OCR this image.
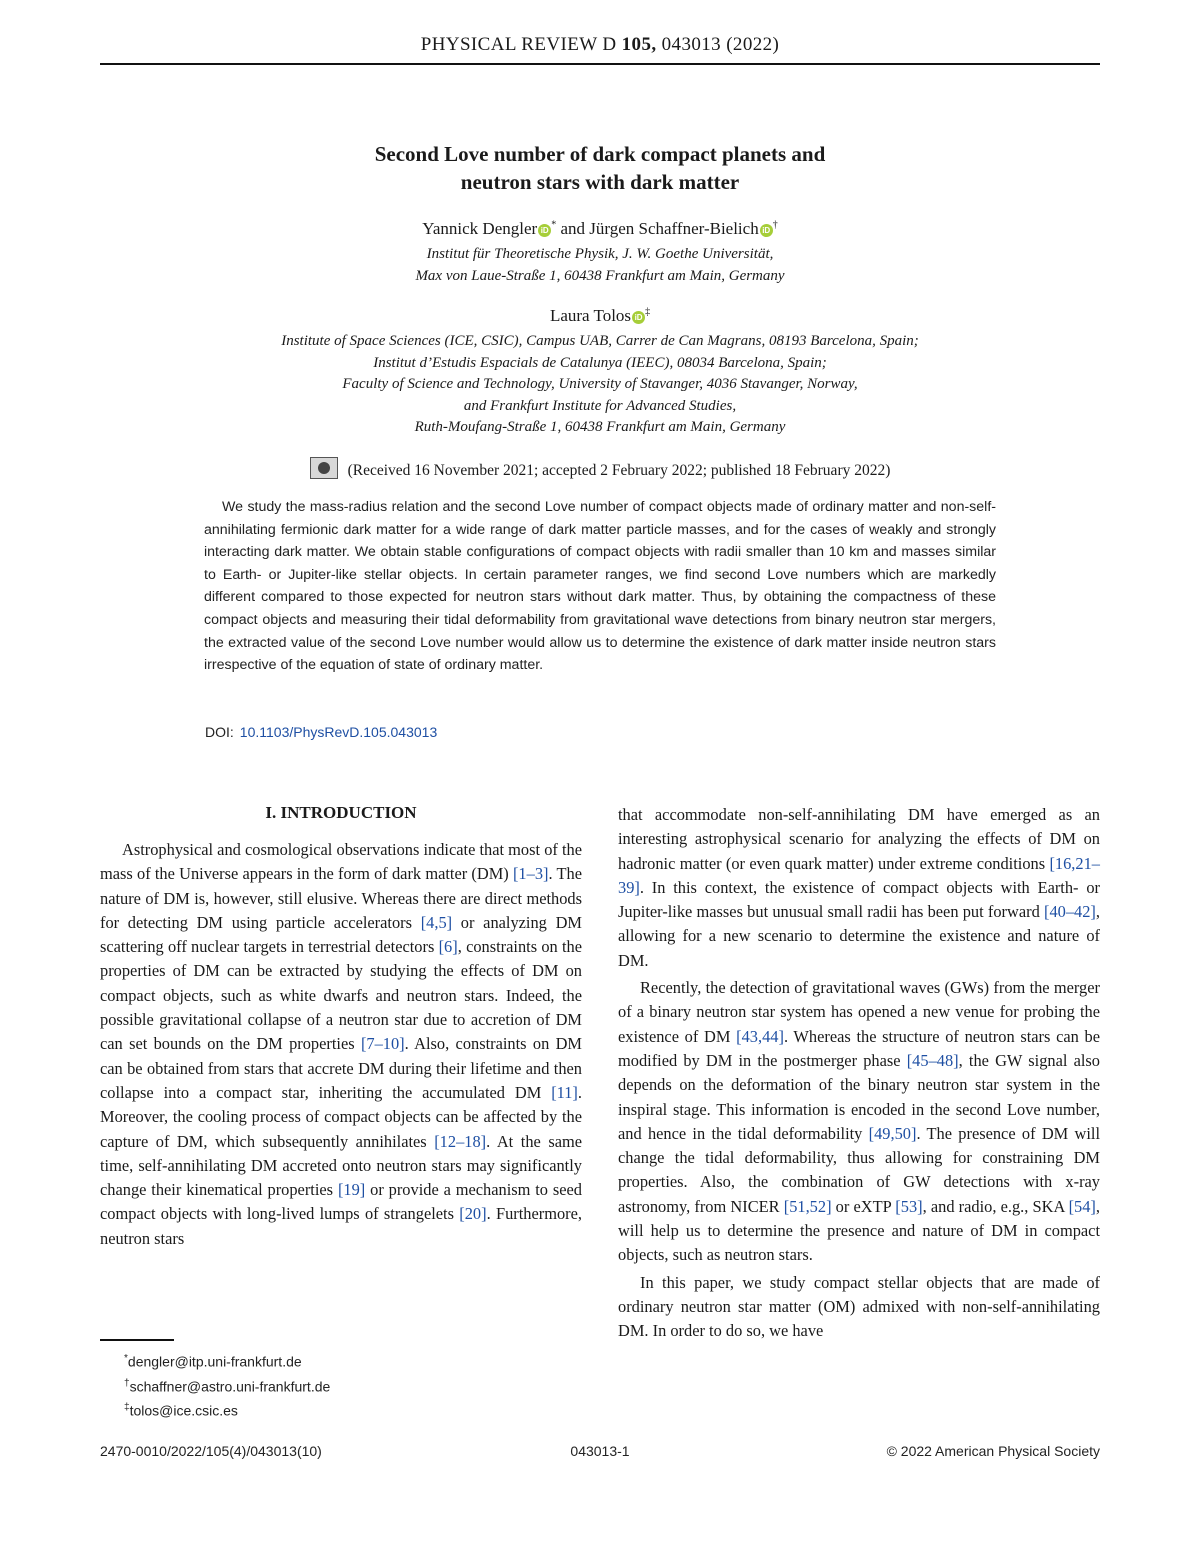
PHYSICAL REVIEW D 105, 043013 (2022)
Second Love number of dark compact planets and
neutron stars with dark matter
Yannick Dengler iD* and Jürgen Schaffner-Bielich iD†
Institut für Theoretische Physik, J. W. Goethe Universität,
Max von Laue-Straße 1, 60438 Frankfurt am Main, Germany
Laura Tolos iD‡
Institute of Space Sciences (ICE, CSIC), Campus UAB, Carrer de Can Magrans, 08193 Barcelona, Spain;
Institut d’Estudis Espacials de Catalunya (IEEC), 08034 Barcelona, Spain;
Faculty of Science and Technology, University of Stavanger, 4036 Stavanger, Norway,
and Frankfurt Institute for Advanced Studies,
Ruth-Moufang-Straße 1, 60438 Frankfurt am Main, Germany
(Received 16 November 2021; accepted 2 February 2022; published 18 February 2022)
We study the mass-radius relation and the second Love number of compact objects made of ordinary matter and non-self-annihilating fermionic dark matter for a wide range of dark matter particle masses, and for the cases of weakly and strongly interacting dark matter. We obtain stable configurations of compact objects with radii smaller than 10 km and masses similar to Earth- or Jupiter-like stellar objects. In certain parameter ranges, we find second Love numbers which are markedly different compared to those expected for neutron stars without dark matter. Thus, by obtaining the compactness of these compact objects and measuring their tidal deformability from gravitational wave detections from binary neutron star mergers, the extracted value of the second Love number would allow us to determine the existence of dark matter inside neutron stars irrespective of the equation of state of ordinary matter.
DOI: 10.1103/PhysRevD.105.043013
I. INTRODUCTION

Astrophysical and cosmological observations indicate that most of the mass of the Universe appears in the form of dark matter (DM) [1–3]. The nature of DM is, however, still elusive. Whereas there are direct methods for detecting DM using particle accelerators [4,5] or analyzing DM scattering off nuclear targets in terrestrial detectors [6], constraints on the properties of DM can be extracted by studying the effects of DM on compact objects, such as white dwarfs and neutron stars. Indeed, the possible gravitational collapse of a neutron star due to accretion of DM can set bounds on the DM properties [7–10]. Also, constraints on DM can be obtained from stars that accrete DM during their lifetime and then collapse into a compact star, inheriting the accumulated DM [11]. Moreover, the cooling process of compact objects can be affected by the capture of DM, which subsequently annihilates [12–18]. At the same time, self-annihilating DM accreted onto neutron stars may significantly change their kinematical properties [19] or provide a mechanism to seed compact objects with long-lived lumps of strangelets [20]. Furthermore, neutron stars

that accommodate non-self-annihilating DM have emerged as an interesting astrophysical scenario for analyzing the effects of DM on hadronic matter (or even quark matter) under extreme conditions [16,21–39]. In this context, the existence of compact objects with Earth- or Jupiter-like masses but unusual small radii has been put forward [40–42], allowing for a new scenario to determine the existence and nature of DM.

Recently, the detection of gravitational waves (GWs) from the merger of a binary neutron star system has opened a new venue for probing the existence of DM [43,44]. Whereas the structure of neutron stars can be modified by DM in the postmerger phase [45–48], the GW signal also depends on the deformation of the binary neutron star system in the inspiral stage. This information is encoded in the second Love number, and hence in the tidal deformability [49,50]. The presence of DM will change the tidal deformability, thus allowing for constraining DM properties. Also, the combination of GW detections with x-ray astronomy, from NICER [51,52] or eXTP [53], and radio, e.g., SKA [54], will help us to determine the presence and nature of DM in compact objects, such as neutron stars.

In this paper, we study compact stellar objects that are made of ordinary neutron star matter (OM) admixed with non-self-annihilating DM. In order to do so, we have

*dengler@itp.uni-frankfurt.de
†schaffner@astro.uni-frankfurt.de
‡tolos@ice.csic.es
2470-0010/2022/105(4)/043013(10)	043013-1	© 2022 American Physical Society
